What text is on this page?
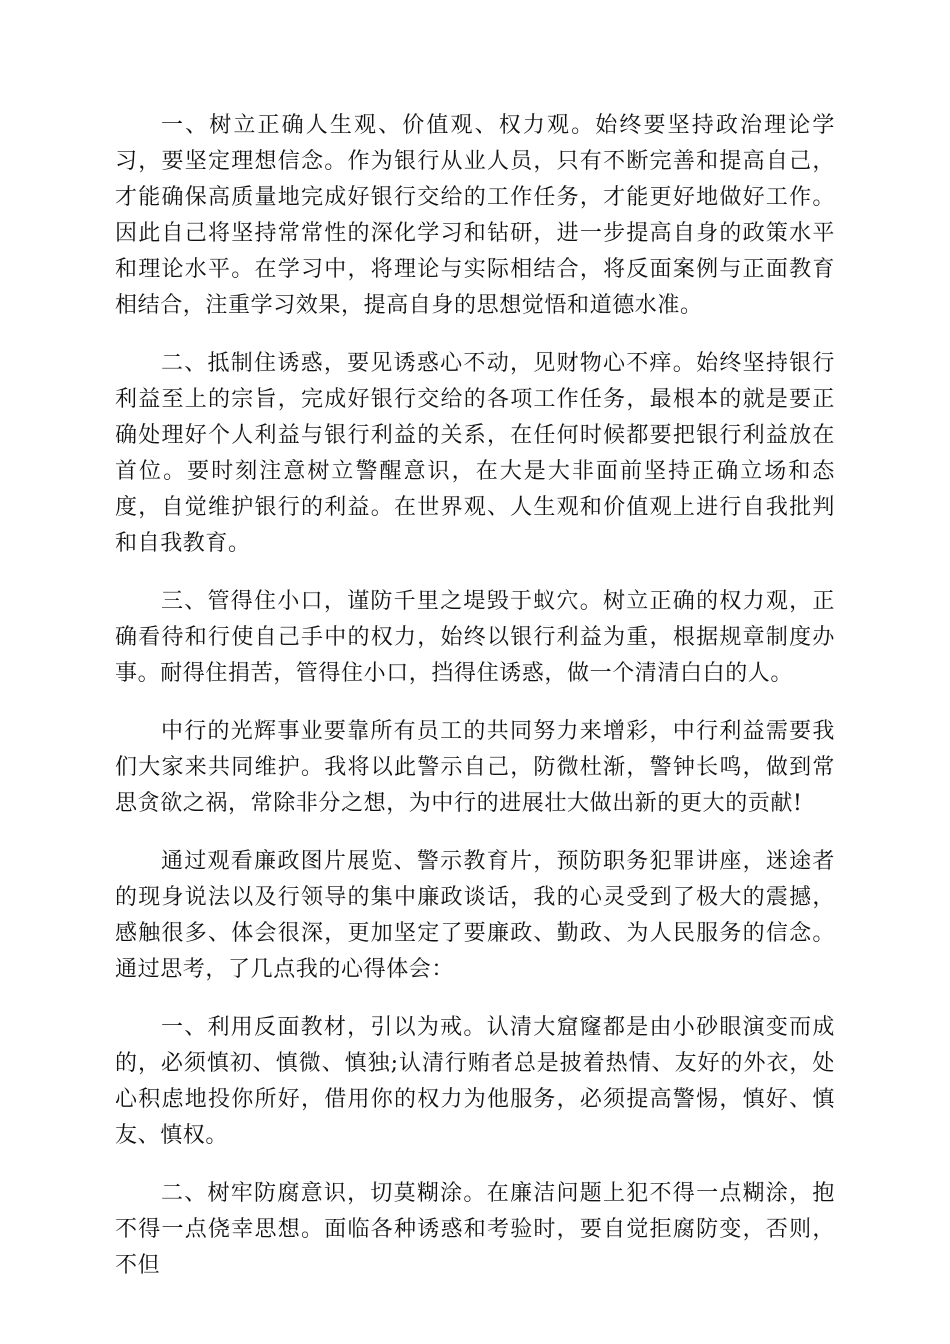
一、树立正确人生观、价值观、权力观。始终要坚持政治理论学习，要坚定理想信念。作为银行从业人员，只有不断完善和提高自己，才能确保高质量地完成好银行交给的工作任务，才能更好地做好工作。因此自己将坚持常常性的深化学习和钻研，进一步提高自身的政策水平和理论水平。在学习中，将理论与实际相结合，将反面案例与正面教育相结合，注重学习效果，提高自身的思想觉悟和道德水准。

二、抵制住诱惑，要见诱惑心不动，见财物心不痒。始终坚持银行利益至上的宗旨，完成好银行交给的各项工作任务，最根本的就是要正确处理好个人利益与银行利益的关系，在任何时候都要把银行利益放在首位。要时刻注意树立警醒意识，在大是大非面前坚持正确立场和态度，自觉维护银行的利益。在世界观、人生观和价值观上进行自我批判和自我教育。

三、管得住小口，谨防千里之堤毁于蚁穴。树立正确的权力观，正确看待和行使自己手中的权力，始终以银行利益为重，根据规章制度办事。耐得住捐苦，管得住小口，挡得住诱惑，做一个清清白白的人。

中行的光辉事业要靠所有员工的共同努力来增彩，中行利益需要我们大家来共同维护。我将以此警示自己，防微杜渐，警钟长鸣，做到常思贪欲之祸，常除非分之想，为中行的进展壮大做出新的更大的贡献!

通过观看廉政图片展览、警示教育片，预防职务犯罪讲座，迷途者的现身说法以及行领导的集中廉政谈话，我的心灵受到了极大的震撼，感触很多、体会很深，更加坚定了要廉政、勤政、为人民服务的信念。通过思考，了几点我的心得体会：

一、利用反面教材，引以为戒。认清大窟窿都是由小砂眼演变而成的，必须慎初、慎微、慎独;认清行贿者总是披着热情、友好的外衣，处心积虑地投你所好，借用你的权力为他服务，必须提高警惕，慎好、慎友、慎权。

二、树牢防腐意识，切莫糊涂。在廉洁问题上犯不得一点糊涂，抱不得一点侥幸思想。面临各种诱惑和考验时，要自觉拒腐防变，否则，不但
